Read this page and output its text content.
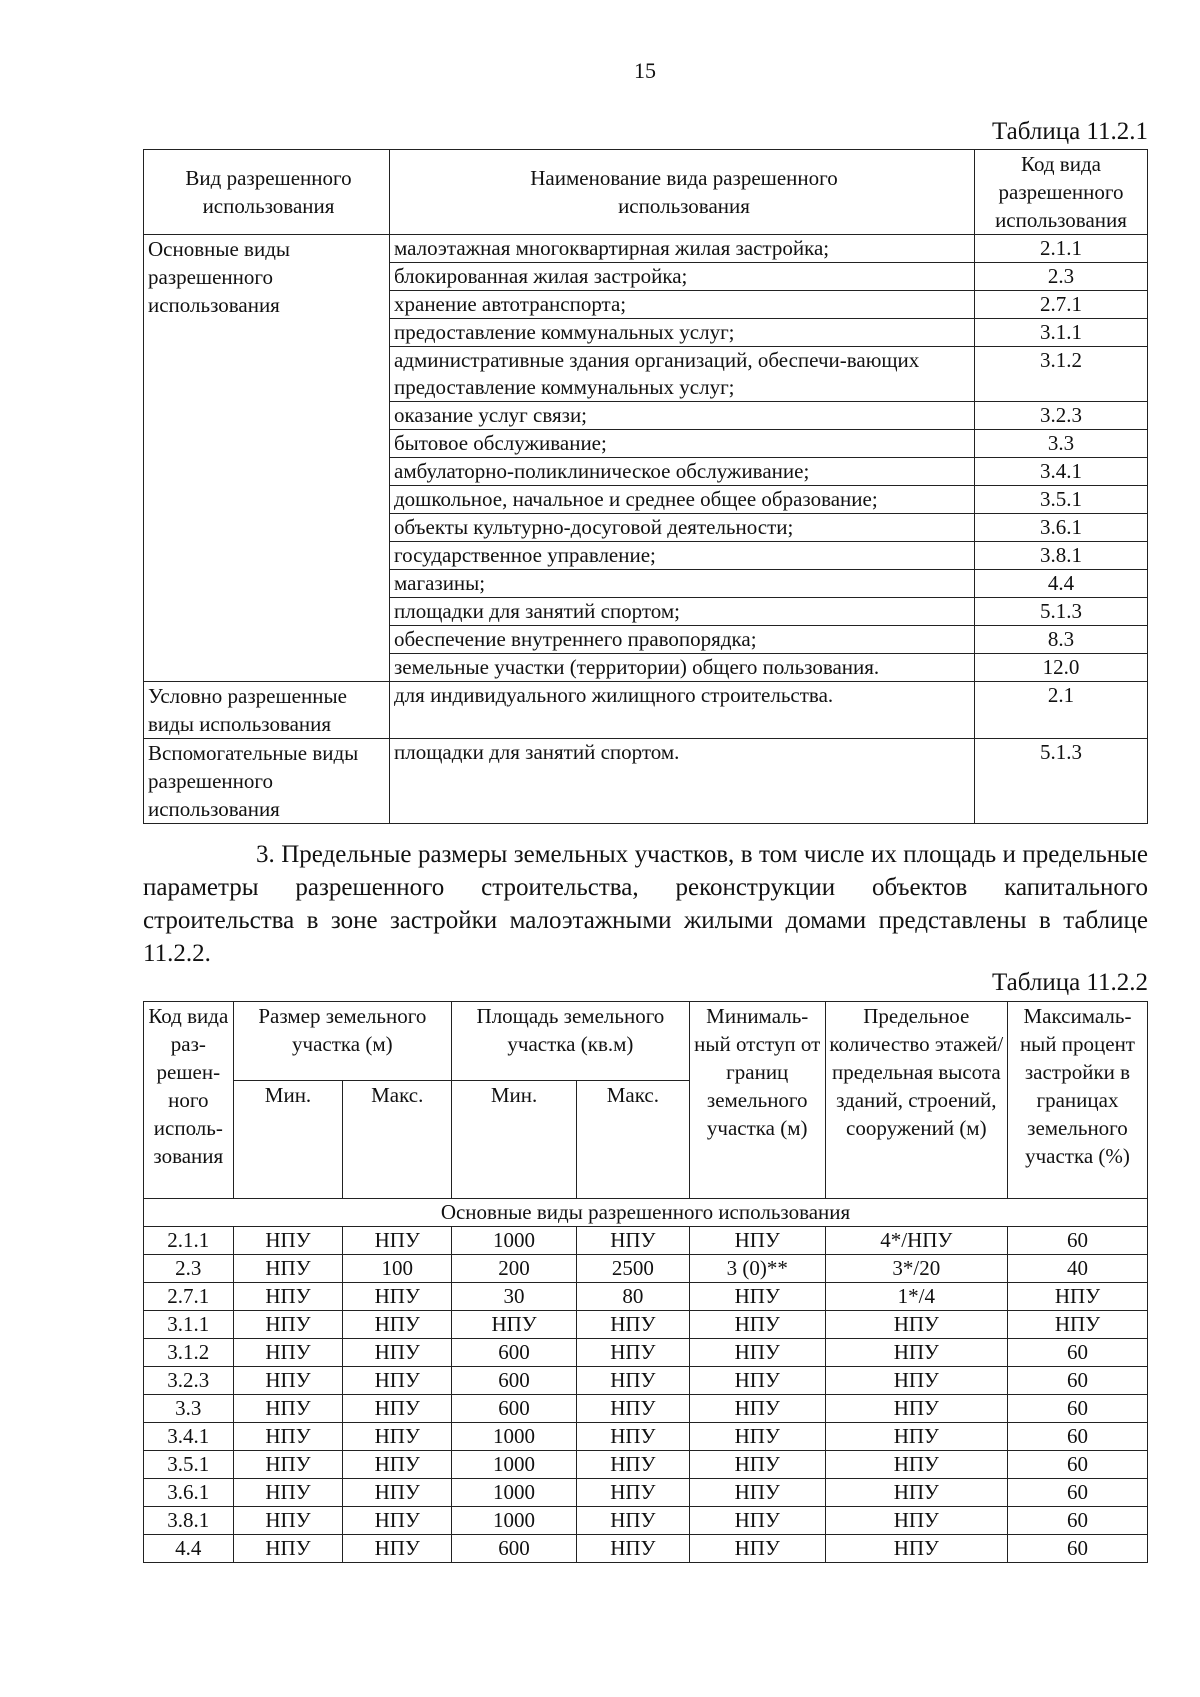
15
Таблица 11.2.1
Вид разрешенного использования	Наименование вида разрешенного использования	Код вида разрешенного использования

Основные виды разрешенного использования	малоэтажная многоквартирная жилая застройка;	2.1.1
	блокированная жилая застройка;	2.3
	хранение автотранспорта;	2.7.1
	предоставление коммунальных услуг;	3.1.1
	административные здания организаций, обеспечи-вающих предоставление коммунальных услуг;	3.1.2
	оказание услуг связи;	3.2.3
	бытовое обслуживание;	3.3
	амбулаторно-поликлиническое обслуживание;	3.4.1
	дошкольное, начальное и среднее общее образование;	3.5.1
	объекты культурно-досуговой деятельности;	3.6.1
	государственное управление;	3.8.1
	магазины;	4.4
	площадки для занятий спортом;	5.1.3
	обеспечение внутреннего правопорядка;	8.3
	земельные участки (территории) общего пользования.	12.0
Условно разрешенные виды использования	для индивидуального жилищного строительства.	2.1
Вспомогательные виды разрешенного использования	площадки для занятий спортом.	5.1.3

3. Предельные размеры земельных участков, в том числе их площадь и предельные параметры разрешенного строительства, реконструкции объектов капитального строительства в зоне застройки малоэтажными жилыми домами представлены в таблице 11.2.2.

Таблица 11.2.2
Код вида раз-решен-ного исполь-зования	Размер земельного участка (м)		Площадь земельного участка (кв.м)		Минималь-ный отступ от границ земельного участка (м)	Предельное количество этажей/ предельная высота зданий, строений, сооружений (м)	Максималь-ный процент застройки в границах земельного участка (%)
	Мин.	Макс.	Мин.	Макс.			
Основные виды разрешенного использования							
2.1.1	НПУ	НПУ	1000	НПУ	НПУ	4*/НПУ	60
2.3	НПУ	100	200	2500	3 (0)**	3*/20	40
2.7.1	НПУ	НПУ	30	80	НПУ	1*/4	НПУ
3.1.1	НПУ	НПУ	НПУ	НПУ	НПУ	НПУ	НПУ
3.1.2	НПУ	НПУ	600	НПУ	НПУ	НПУ	60
3.2.3	НПУ	НПУ	600	НПУ	НПУ	НПУ	60
3.3	НПУ	НПУ	600	НПУ	НПУ	НПУ	60
3.4.1	НПУ	НПУ	1000	НПУ	НПУ	НПУ	60
3.5.1	НПУ	НПУ	1000	НПУ	НПУ	НПУ	60
3.6.1	НПУ	НПУ	1000	НПУ	НПУ	НПУ	60
3.8.1	НПУ	НПУ	1000	НПУ	НПУ	НПУ	60
4.4	НПУ	НПУ	600	НПУ	НПУ	НПУ	60
